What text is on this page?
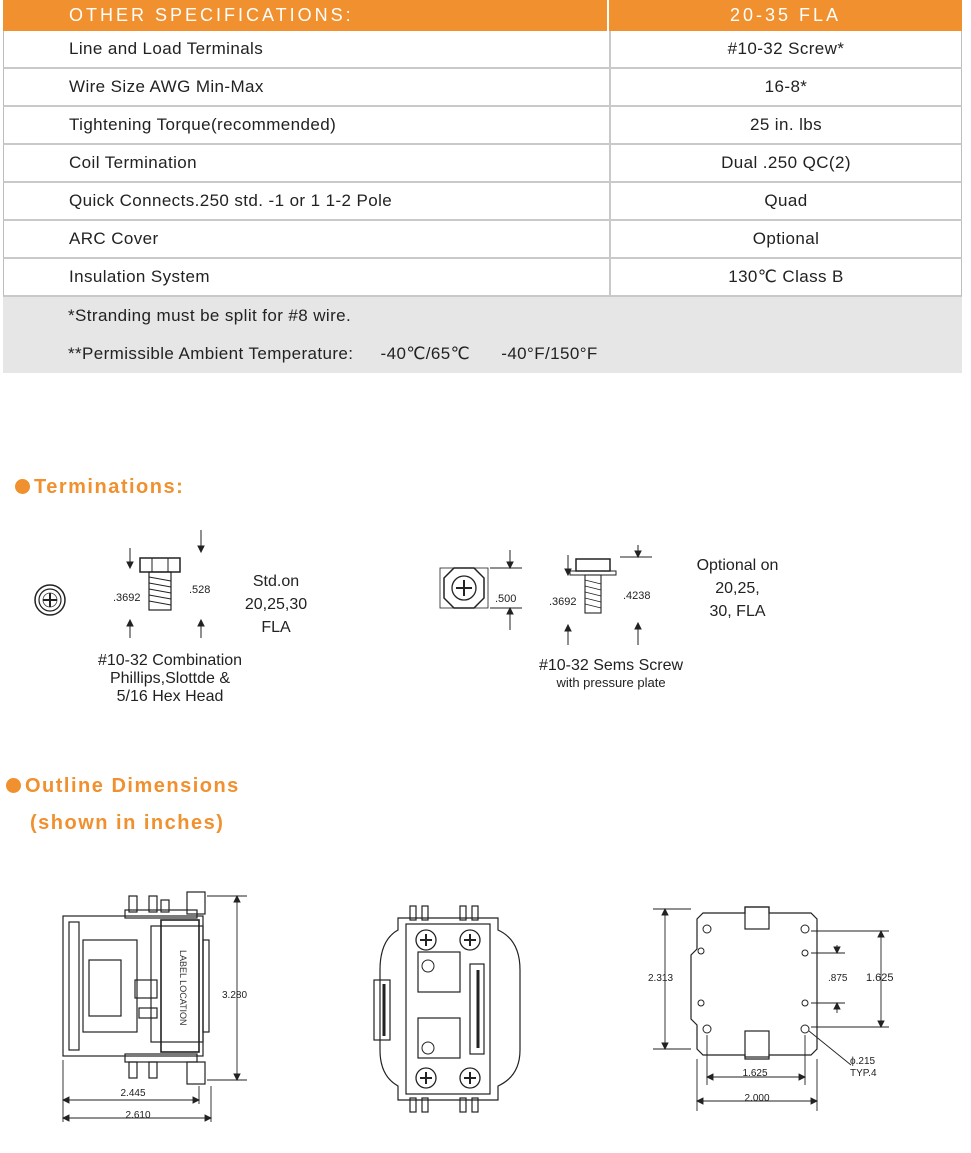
OTHER SPECIFICATIONS:	20-35 FLA
Line and Load Terminals	#10-32 Screw*
Wire Size AWG Min-Max	16-8*
Tightening Torque(recommended)	25 in. lbs
Coil Termination	Dual .250 QC(2)
Quick Connects.250 std. -1 or 1 1-2 Pole	Quad
ARC Cover	Optional
Insulation System	130℃ Class B
*Stranding must be split for #8 wire.
**Permissible Ambient Temperature: -40℃/65℃ -40°F/150°F
Terminations:
.3692
.528	Std.on
20,25,30
FLA
#10-32 Combination
Phillips,Slottde &
5/16 Hex Head
.500	.3692	.4238
Optional on
20,25,
30, FLA
#10-32 Sems Screw
with pressure plate
Outline Dimensions
(shown in inches)
LABEL LOCATION	3.280
2.445
2.610
2.313	.875 1.625
1.625
2.000
ϕ.215
TYP.4
